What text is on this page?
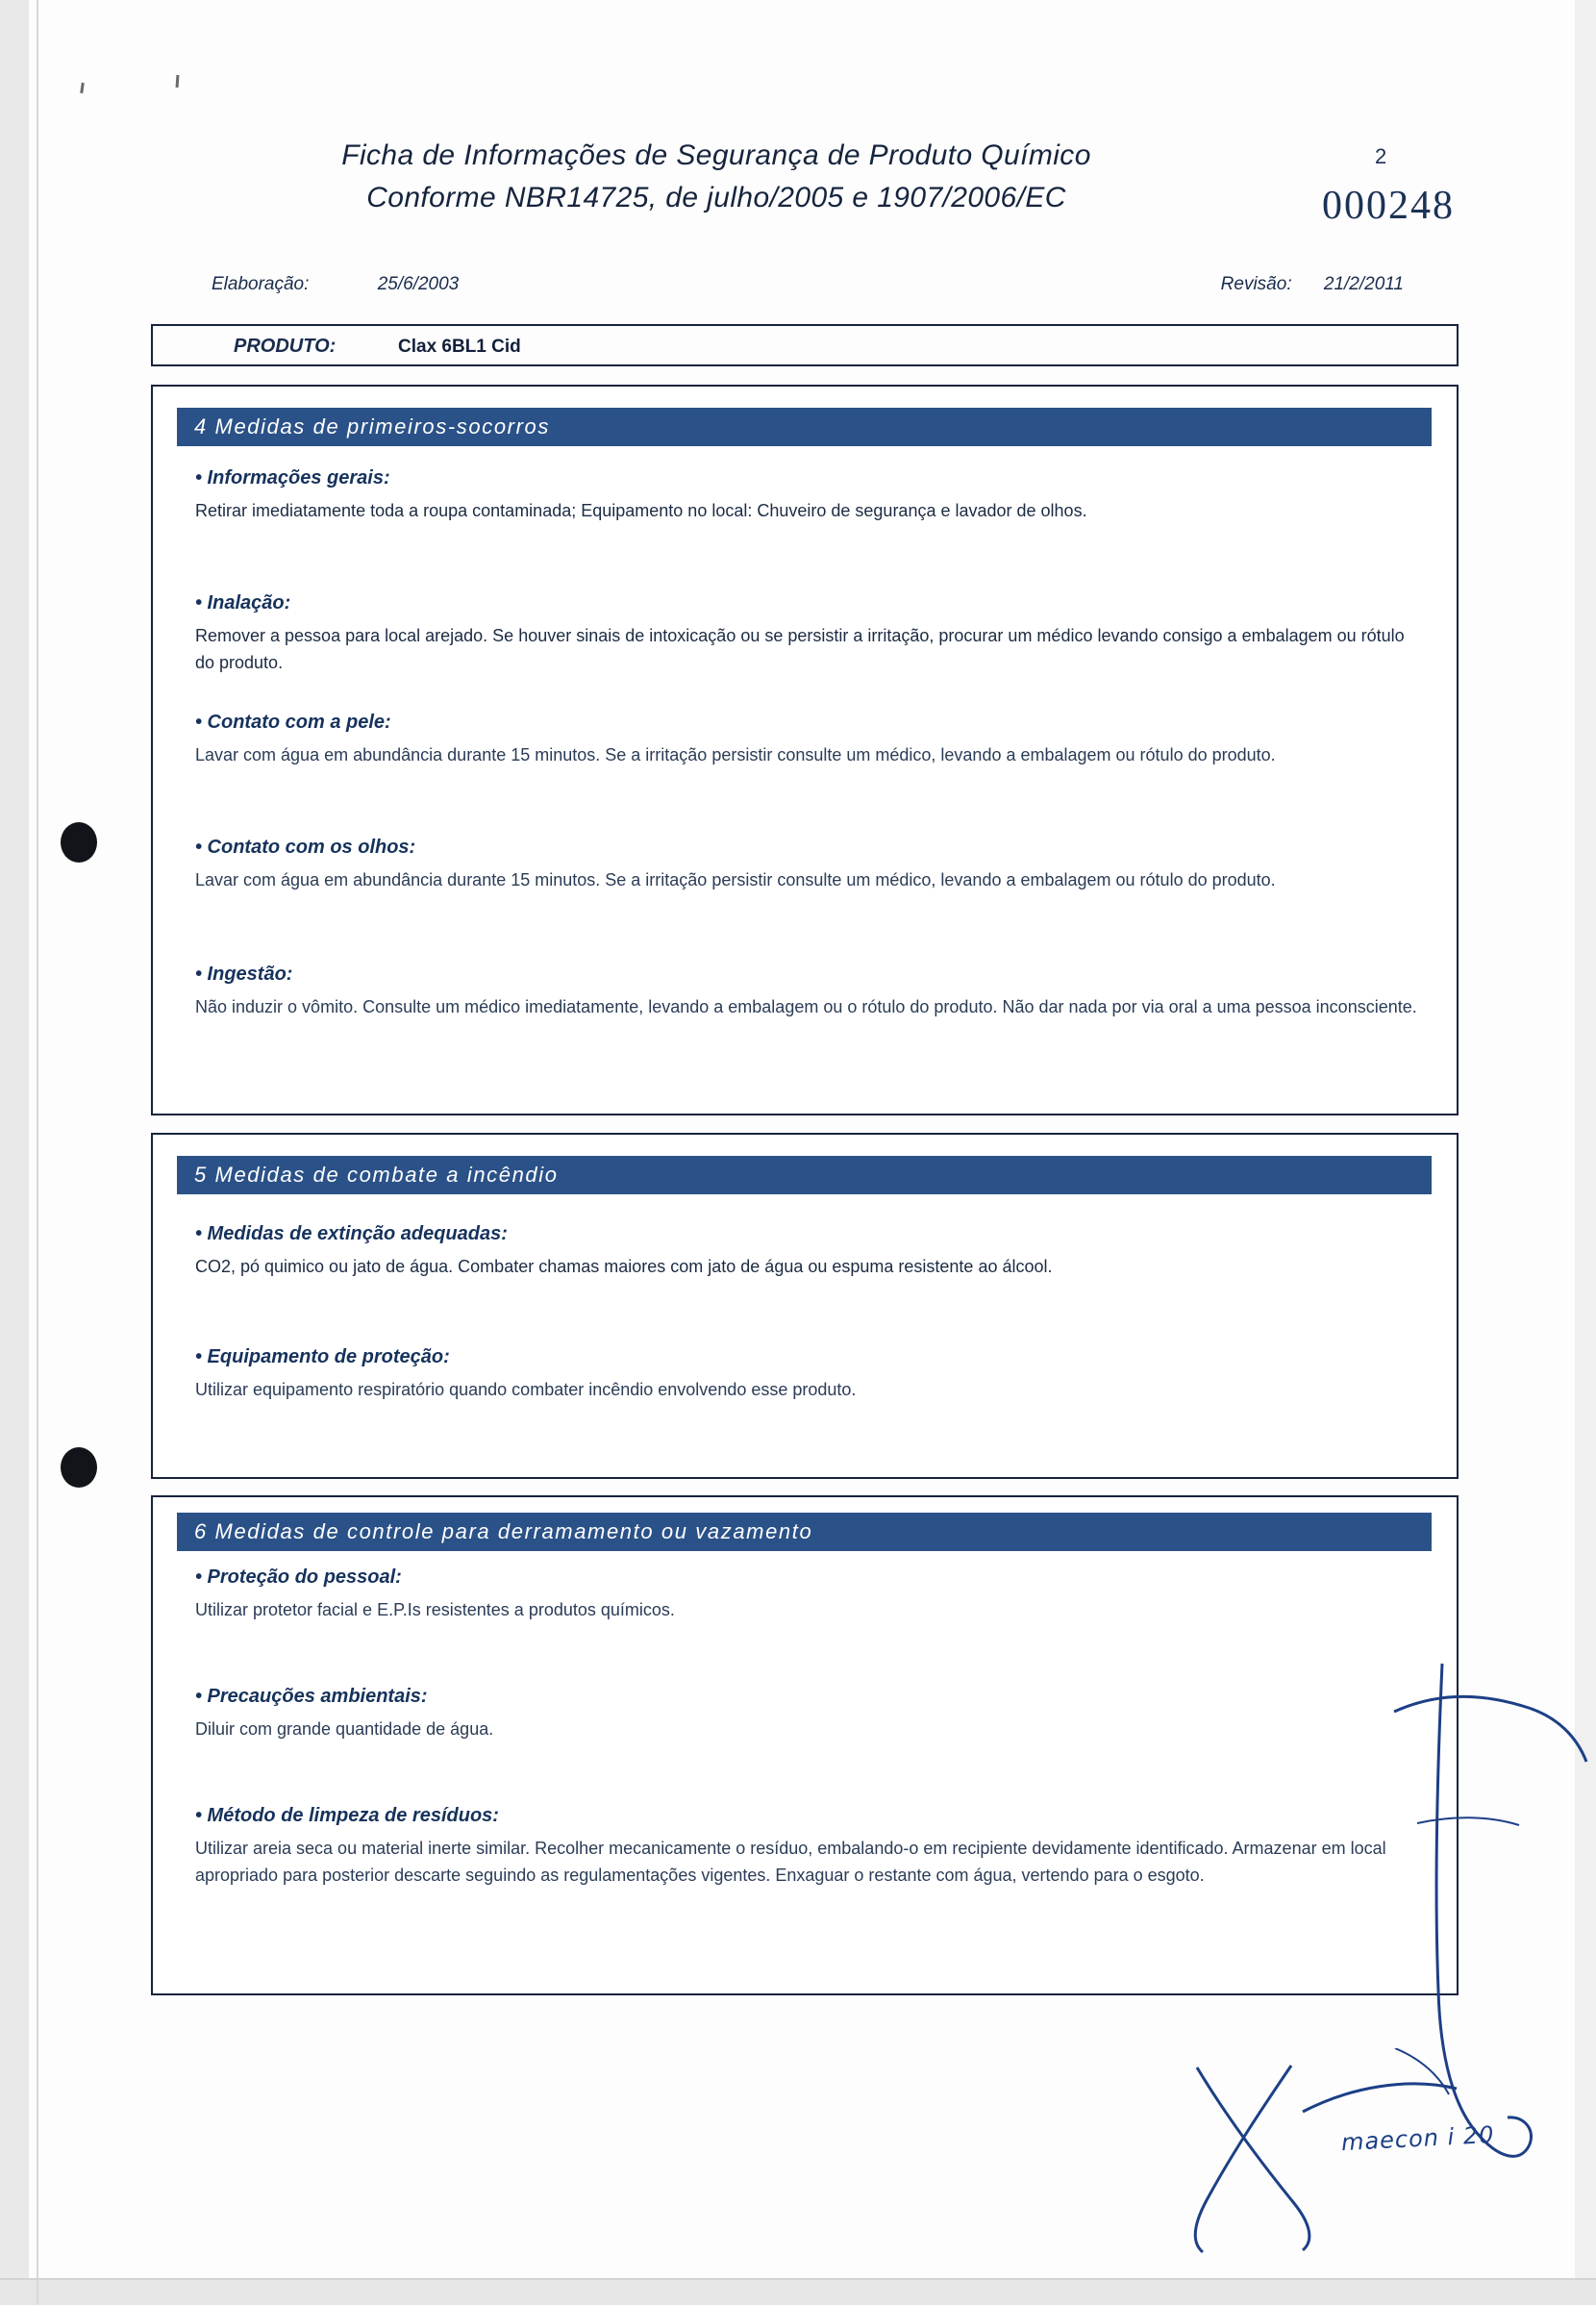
Ficha de Informações de Segurança de Produto Químico
Conforme NBR14725, de julho/2005 e 1907/2006/EC
2
000248
Elaboração:	25/6/2003	Revisão: 21/2/2011
PRODUTO:	Clax 6BL1 Cid
4 Medidas de primeiros-socorros

• Informações gerais:

Retirar imediatamente toda a roupa contaminada; Equipamento no local: Chuveiro de segurança e lavador de olhos.

• Inalação:

Remover a pessoa para local arejado. Se houver sinais de intoxicação ou se persistir a irritação, procurar um médico levando consigo a embalagem ou rótulo do produto.

• Contato com a pele:

Lavar com água em abundância durante 15 minutos. Se a irritação persistir consulte um médico, levando a embalagem ou rótulo do produto.

• Contato com os olhos:

Lavar com água em abundância durante 15 minutos. Se a irritação persistir consulte um médico, levando a embalagem ou rótulo do produto.

• Ingestão:

Não induzir o vômito. Consulte um médico imediatamente, levando a embalagem ou o rótulo do produto. Não dar nada por via oral a uma pessoa inconsciente.

5 Medidas de combate a incêndio

• Medidas de extinção adequadas:

CO2, pó quimico ou jato de água. Combater chamas maiores com jato de água ou espuma resistente ao álcool.

• Equipamento de proteção:

Utilizar equipamento respiratório quando combater incêndio envolvendo esse produto.

6 Medidas de controle para derramamento ou vazamento

• Proteção do pessoal:

Utilizar protetor facial e E.P.Is resistentes a produtos químicos.

• Precauções ambientais:

Diluir com grande quantidade de água.

• Método de limpeza de resíduos:

Utilizar areia seca ou material inerte similar. Recolher mecanicamente o resíduo, embalando-o em recipiente devidamente identificado. Armazenar em local apropriado para posterior descarte seguindo as regulamentações vigentes. Enxaguar o restante com água, vertendo para o esgoto.

maecon i 20
